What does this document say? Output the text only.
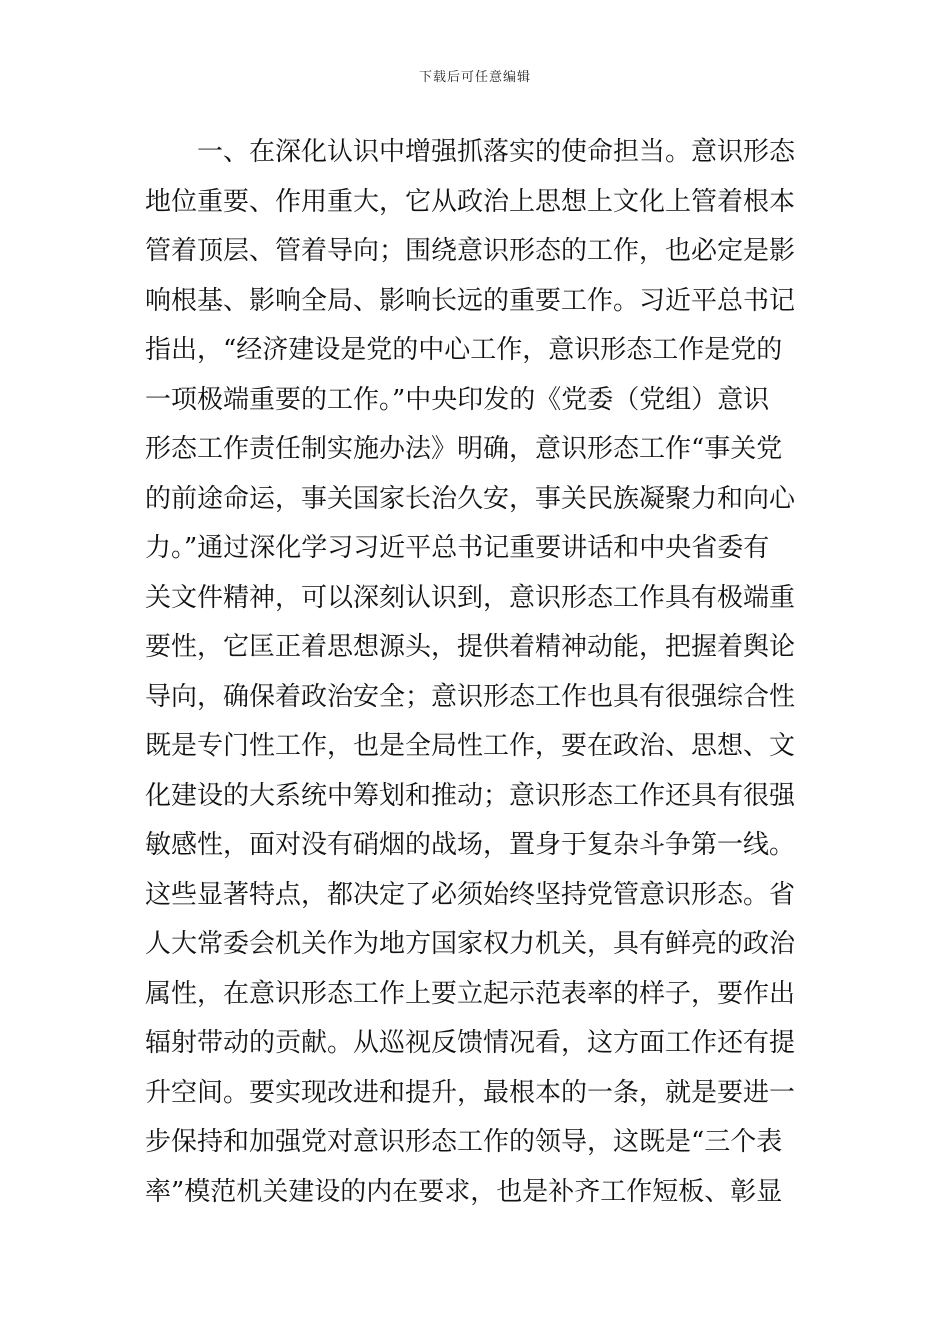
下载后可任意编辑
一、在深化认识中增强抓落实的使命担当。意识形态
地位重要、作用重大，它从政治上思想上文化上管着根本
管着顶层、管着导向；围绕意识形态的工作，也必定是影
响根基、影响全局、影响长远的重要工作。习近平总书记
指出，“经济建设是党的中心工作，意识形态工作是党的
一项极端重要的工作。”中央印发的《党委（党组）意识
形态工作责任制实施办法》明确，意识形态工作“事关党
的前途命运，事关国家长治久安，事关民族凝聚力和向心
力。”通过深化学习习近平总书记重要讲话和中央省委有
关文件精神，可以深刻认识到，意识形态工作具有极端重
要性，它匡正着思想源头，提供着精神动能，把握着舆论
导向，确保着政治安全；意识形态工作也具有很强综合性
既是专门性工作，也是全局性工作，要在政治、思想、文
化建设的大系统中筹划和推动；意识形态工作还具有很强
敏感性，面对没有硝烟的战场，置身于复杂斗争第一线。
这些显著特点，都决定了必须始终坚持党管意识形态。省
人大常委会机关作为地方国家权力机关，具有鲜亮的政治
属性，在意识形态工作上要立起示范表率的样子，要作出
辐射带动的贡献。从巡视反馈情况看，这方面工作还有提
升空间。要实现改进和提升，最根本的一条，就是要进一
步保持和加强党对意识形态工作的领导，这既是“三个表
率”模范机关建设的内在要求，也是补齐工作短板、彰显
